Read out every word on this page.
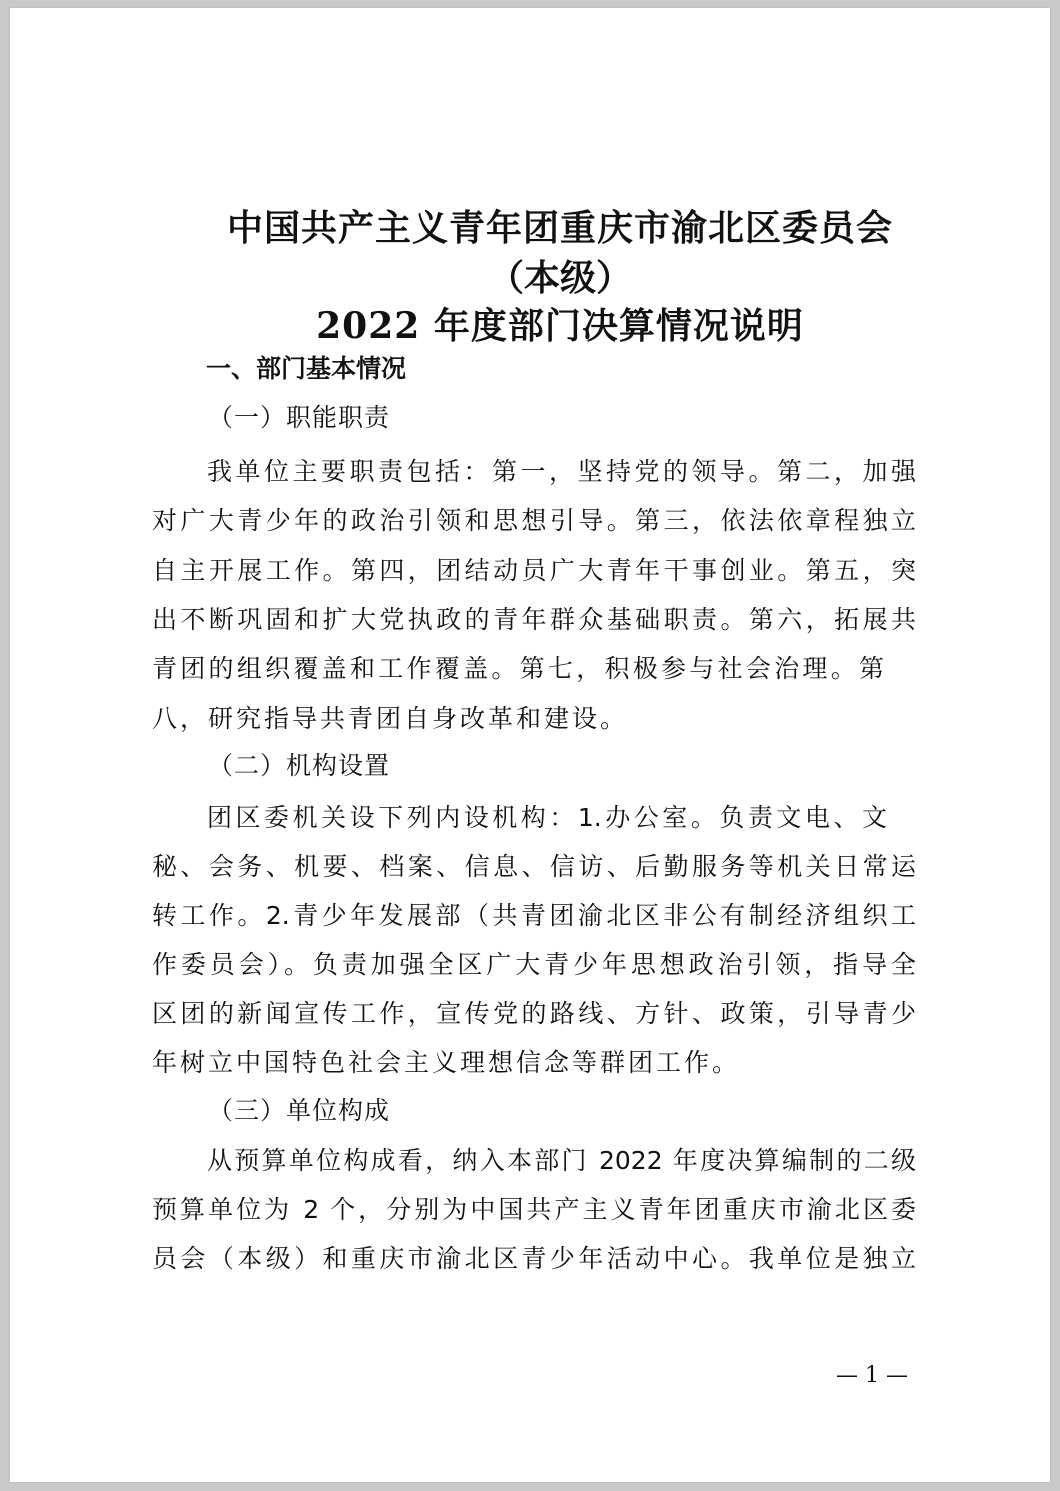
中国共产主义青年团重庆市渝北区委员会
（本级）
2022 年度部门决算情况说明
一、部门基本情况
（一）职能职责
我单位主要职责包括：第一，坚持党的领导。第二，加强
对广大青少年的政治引领和思想引导。第三，依法依章程独立
自主开展工作。第四，团结动员广大青年干事创业。第五，突
出不断巩固和扩大党执政的青年群众基础职责。第六，拓展共
青团的组织覆盖和工作覆盖。第七，积极参与社会治理。第
八，研究指导共青团自身改革和建设。
（二）机构设置
团区委机关设下列内设机构：1.办公室。负责文电、文
秘、会务、机要、档案、信息、信访、后勤服务等机关日常运
转工作。2.青少年发展部（共青团渝北区非公有制经济组织工
作委员会）。负责加强全区广大青少年思想政治引领，指导全
区团的新闻宣传工作，宣传党的路线、方针、政策，引导青少
年树立中国特色社会主义理想信念等群团工作。
（三）单位构成
从预算单位构成看，纳入本部门 2022 年度决算编制的二级
预算单位为 2 个，分别为中国共产主义青年团重庆市渝北区委
员会（本级）和重庆市渝北区青少年活动中心。我单位是独立
— 1 —
